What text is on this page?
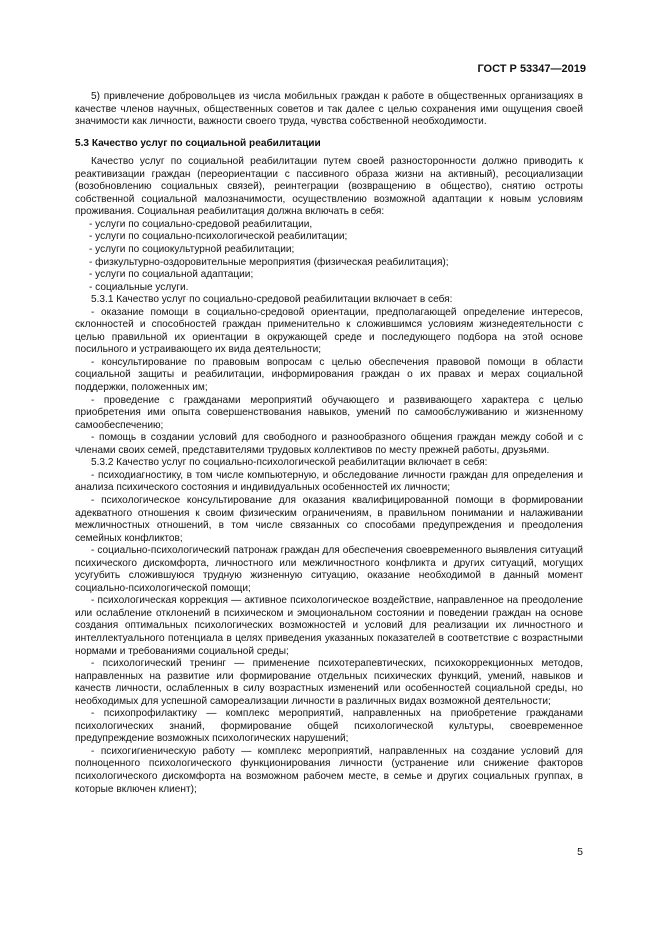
ГОСТ Р 53347—2019

5) привлечение добровольцев из числа мобильных граждан к работе в общественных организациях в качестве членов научных, общественных советов и так далее с целью сохранения ими ощущения своей значимости как личности, важности своего труда, чувства собственной необходимости.

5.3 Качество услуг по социальной реабилитации

Качество услуг по социальной реабилитации путем своей разносторонности должно приводить к реактивизации граждан (переориентации с пассивного образа жизни на активный), ресоциализации (возобновлению социальных связей), реинтеграции (возвращению в общество), снятию остроты собственной социальной малозначимости, осуществлению возможной адаптации к новым условиям проживания. Социальная реабилитация должна включать в себя:

- услуги по социально-средовой реабилитации,

- услуги по социально-психологической реабилитации;

- услуги по социокультурной реабилитации;

- физкультурно-оздоровительные мероприятия (физическая реабилитация);

- услуги по социальной адаптации;

- социальные услуги.

5.3.1 Качество услуг по социально-средовой реабилитации включает в себя:

- оказание помощи в социально-средовой ориентации, предполагающей определение интересов, склонностей и способностей граждан применительно к сложившимся условиям жизнедеятельности с целью правильной их ориентации в окружающей среде и последующего подбора на этой основе посильного и устраивающего их вида деятельности;

- консультирование по правовым вопросам с целью обеспечения правовой помощи в области социальной защиты и реабилитации, информирования граждан о их правах и мерах социальной поддержки, положенных им;

- проведение с гражданами мероприятий обучающего и развивающего характера с целью приобретения ими опыта совершенствования навыков, умений по самообслуживанию и жизненному самообеспечению;

- помощь в создании условий для свободного и разнообразного общения граждан между собой и с членами своих семей, представителями трудовых коллективов по месту прежней работы, друзьями.

5.3.2 Качество услуг по социально-психологической реабилитации включает в себя:

- психодиагностику, в том числе компьютерную, и обследование личности граждан для определения и анализа психического состояния и индивидуальных особенностей их личности;

- психологическое консультирование для оказания квалифицированной помощи в формировании адекватного отношения к своим физическим ограничениям, в правильном понимании и налаживании межличностных отношений, в том числе связанных со способами предупреждения и преодоления семейных конфликтов;

- социально-психологический патронаж граждан для обеспечения своевременного выявления ситуаций психического дискомфорта, личностного или межличностного конфликта и других ситуаций, могущих усугубить сложившуюся трудную жизненную ситуацию, оказание необходимой в данный момент социально-психологической помощи;

- психологическая коррекция — активное психологическое воздействие, направленное на преодоление или ослабление отклонений в психическом и эмоциональном состоянии и поведении граждан на основе создания оптимальных психологических возможностей и условий для реализации их личностного и интеллектуального потенциала в целях приведения указанных показателей в соответствие с возрастными нормами и требованиями социальной среды;

- психологический тренинг — применение психотерапевтических, психокоррекционных методов, направленных на развитие или формирование отдельных психических функций, умений, навыков и качеств личности, ослабленных в силу возрастных изменений или особенностей социальной среды, но необходимых для успешной самореализации личности в различных видах возможной деятельности;

- психопрофилактику — комплекс мероприятий, направленных на приобретение гражданами психологических знаний, формирование общей психологической культуры, своевременное предупреждение возможных психологических нарушений;

- психогигиеническую работу — комплекс мероприятий, направленных на создание условий для полноценного психологического функционирования личности (устранение или снижение факторов психологического дискомфорта на возможном рабочем месте, в семье и других социальных группах, в которые включен клиент);

5
